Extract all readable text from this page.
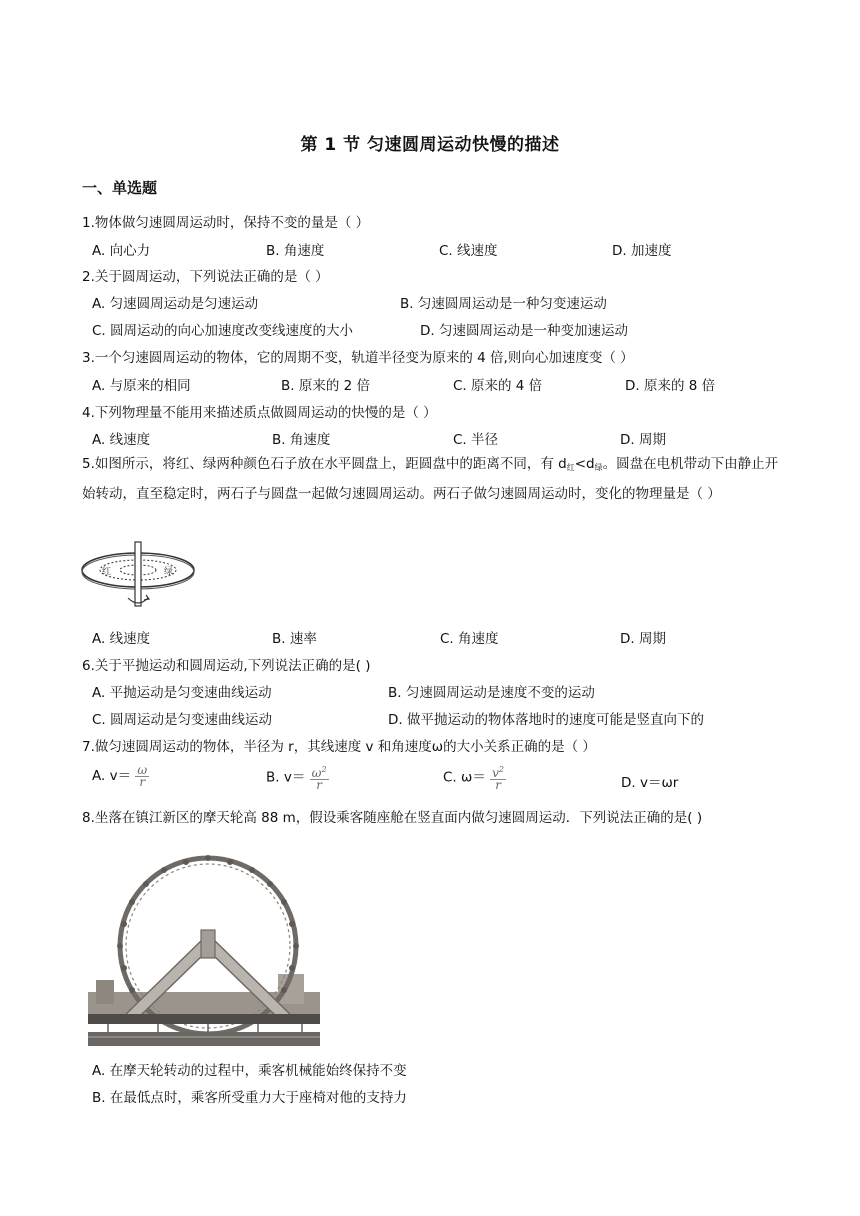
第 1 节 匀速圆周运动快慢的描述
一、单选题
1.物体做匀速圆周运动时，保持不变的量是（ ）
A. 向心力	B. 角速度	C. 线速度	D. 加速度
2.关于圆周运动，下列说法正确的是（ ）
A. 匀速圆周运动是匀速运动	B. 匀速圆周运动是一种匀变速运动
C. 圆周运动的向心加速度改变线速度的大小	D. 匀速圆周运动是一种变加速运动
3.一个匀速圆周运动的物体，它的周期不变，轨道半径变为原来的 4 倍,则向心加速度变（ ）
A. 与原来的相同	B. 原来的 2 倍	C. 原来的 4 倍	D. 原来的 8 倍
4.下列物理量不能用来描述质点做圆周运动的快慢的是（ ）
A. 线速度	B. 角速度	C. 半径	D. 周期
5.如图所示，将红、绿两种颜色石子放在水平圆盘上，距圆盘中的距离不同，有 $d_红<d_绿$。圆盘在电机带动下由静止开始转动，直至稳定时，两石子与圆盘一起做匀速圆周运动。两石子做匀速圆周运动时，变化的物理量是（ ）
红	绿
A. 线速度	B. 速率	C. 角速度	D. 周期
6.关于平抛运动和圆周运动,下列说法正确的是( )
A. 平抛运动是匀变速曲线运动	B. 匀速圆周运动是速度不变的运动
C. 圆周运动是匀变速曲线运动	D. 做平抛运动的物体落地时的速度可能是竖直向下的
7.做匀速圆周运动的物体，半径为 r，其线速度 v 和角速度ω的大小关系正确的是（ ）
A. $v= \frac{\omega}{r}$	B. $v= \frac{\omega^2}{r}$	C. $\omega= \frac{v^2}{r}$	D. v＝ωr
8.坐落在镇江新区的摩天轮高 88 m，假设乘客随座舱在竖直面内做匀速圆周运动．下列说法正确的是( )
A. 在摩天轮转动的过程中，乘客机械能始终保持不变
B. 在最低点时，乘客所受重力大于座椅对他的支持力
